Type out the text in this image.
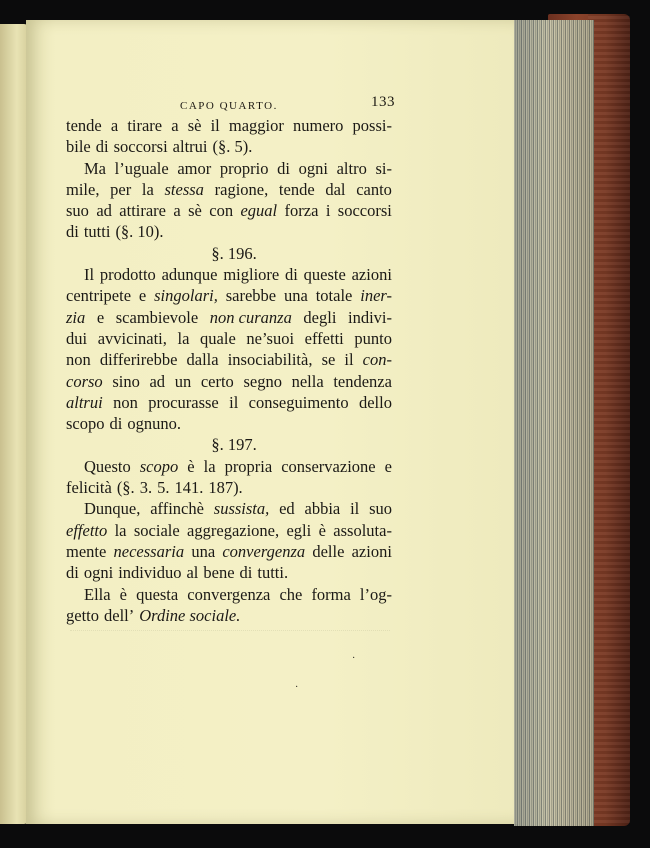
CAPO QUARTO.	133
tende a tirare a sè il maggior numero possi-
bile di soccorsi altrui (§. 5).
Ma l’uguale amor proprio di ogni altro si-
mile, per la stessa ragione, tende dal canto
suo ad attirare a sè con egual forza i soccorsi
di tutti (§. 10).
§. 196.
Il prodotto adunque migliore di queste azioni
centripete e singolari, sarebbe una totale iner-
zia e scambievole non curanza degli indivi-
dui avvicinati, la quale ne’suoi effetti punto
non differirebbe dalla insociabilità, se il con-
corso sino ad un certo segno nella tendenza
altrui non procurasse il conseguimento dello
scopo di ognuno.
§. 197.
Questo scopo è la propria conservazione e
felicità (§. 3. 5. 141. 187).
Dunque, affinchè sussista, ed abbia il suo
effetto la sociale aggregazione, egli è assoluta-
mente necessaria una convergenza delle azioni
di ogni individuo al bene di tutti.
Ella è questa convergenza che forma l’og-
getto dell’ Ordine sociale.
·
·
